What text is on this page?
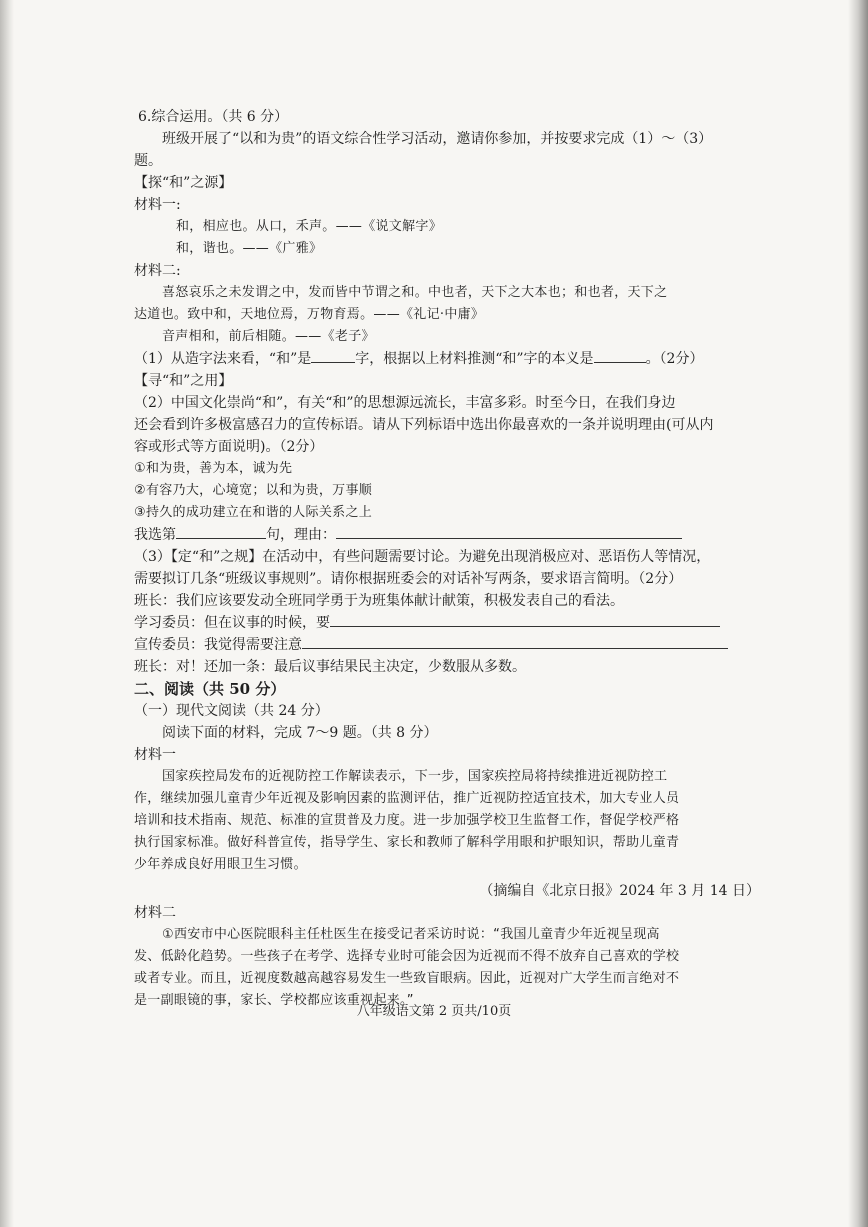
6.综合运用。（共 6 分）
班级开展了“以和为贵”的语文综合性学习活动，邀请你参加，并按要求完成（1）～（3）
题。
【探“和”之源】
材料一:
和，相应也。从口，禾声。——《说文解字》
和，谐也。——《广雅》
材料二:
喜怒哀乐之未发谓之中，发而皆中节谓之和。中也者，天下之大本也；和也者，天下之
达道也。致中和，天地位焉，万物育焉。——《礼记·中庸》
音声相和，前后相随。——《老子》
（1）从造字法来看，“和”是	字，根据以上材料推测“和”字的本义是	。（2分）
【寻“和”之用】
（2）中国文化崇尚“和”，有关“和”的思想源远流长，丰富多彩。时至今日，在我们身边
还会看到许多极富感召力的宣传标语。请从下列标语中选出你最喜欢的一条并说明理由(可从内
容或形式等方面说明)。（2分）
①和为贵，善为本，诚为先
②有容乃大，心境宽；以和为贵，万事顺
③持久的成功建立在和谐的人际关系之上
我选第	句，理由：
（3）【定“和”之规】在活动中，有些问题需要讨论。为避免出现消极应对、恶语伤人等情况，
需要拟订几条“班级议事规则”。请你根据班委会的对话补写两条，要求语言简明。（2分）
班长：我们应该要发动全班同学勇于为班集体献计献策，积极发表自己的看法。
学习委员：但在议事的时候，要
宣传委员：我觉得需要注意
班长：对！还加一条：最后议事结果民主决定，少数服从多数。
二、阅读（共 50 分）
（一）现代文阅读（共 24 分）
阅读下面的材料，完成 7～9 题。（共 8 分）
材料一
国家疾控局发布的近视防控工作解读表示，下一步，国家疾控局将持续推进近视防控工
作，继续加强儿童青少年近视及影响因素的监测评估，推广近视防控适宜技术，加大专业人员
培训和技术指南、规范、标准的宣贯普及力度。进一步加强学校卫生监督工作，督促学校严格
执行国家标准。做好科普宣传，指导学生、家长和教师了解科学用眼和护眼知识，帮助儿童青
少年养成良好用眼卫生习惯。
（摘编自《北京日报》2024 年 3 月 14 日）
材料二
①西安市中心医院眼科主任杜医生在接受记者采访时说：“我国儿童青少年近视呈现高
发、低龄化趋势。一些孩子在考学、选择专业时可能会因为近视而不得不放弃自己喜欢的学校
或者专业。而且，近视度数越高越容易发生一些致盲眼病。因此，近视对广大学生而言绝对不
是一副眼镜的事，家长、学校都应该重视起来。”
八年级语文第 2 页共/10页
